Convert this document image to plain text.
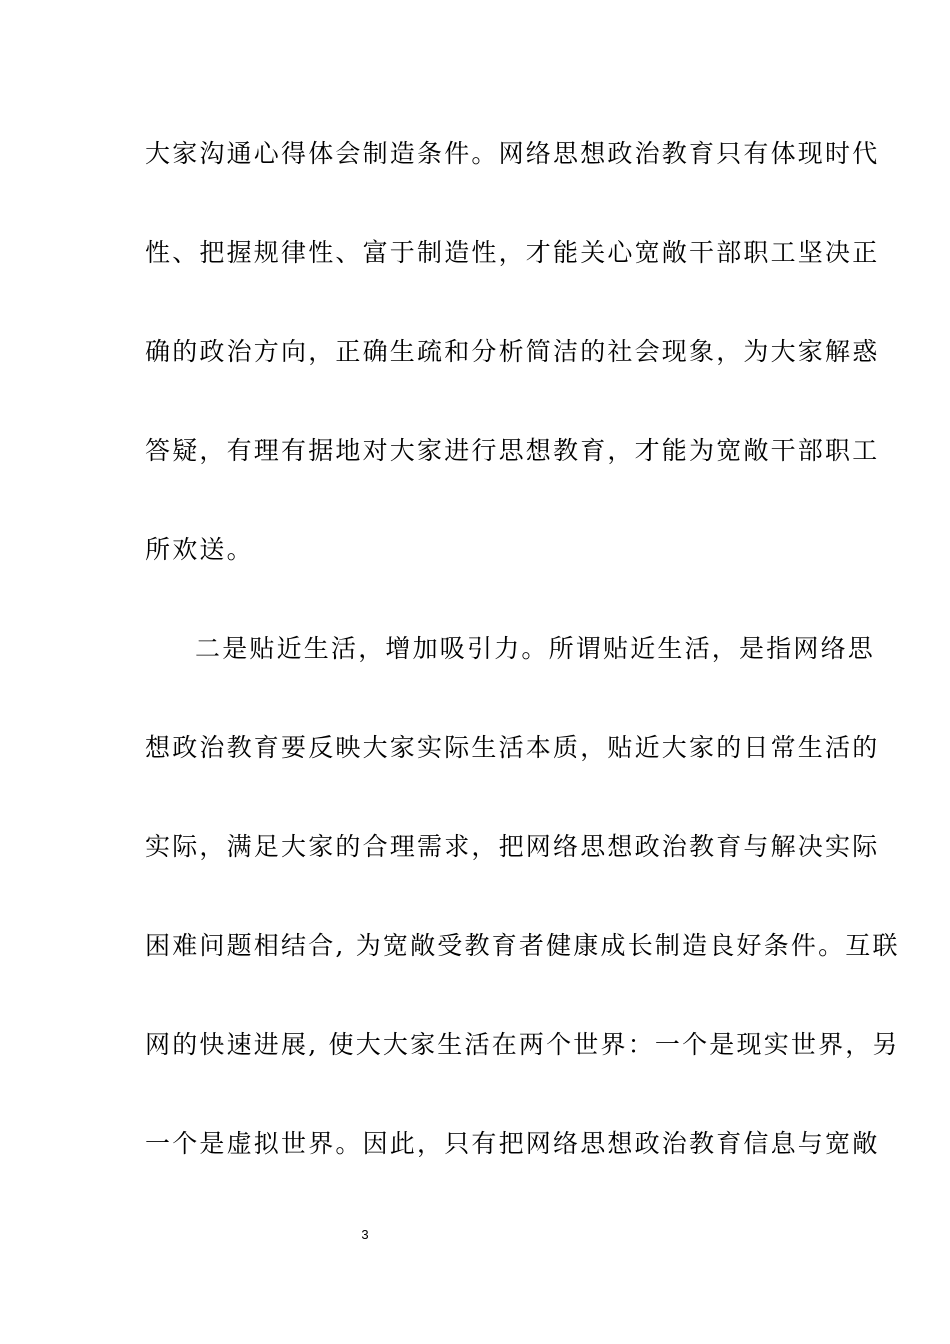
大家沟通心得体会制造条件。网络思想政治教育只有体现时代
性、把握规律性、富于制造性，才能关心宽敞干部职工坚决正
确的政治方向，正确生疏和分析简洁的社会现象，为大家解惑
答疑，有理有据地对大家进行思想教育，才能为宽敞干部职工
所欢送。
二是贴近生活，增加吸引力。所谓贴近生活，是指网络思
想政治教育要反映大家实际生活本质，贴近大家的日常生活的
实际，满足大家的合理需求，把网络思想政治教育与解决实际
困难问题相结合, 为宽敞受教育者健康成长制造良好条件。互联
网的快速进展, 使大大家生活在两个世界：一个是现实世界，另
一个是虚拟世界。因此，只有把网络思想政治教育信息与宽敞
3
